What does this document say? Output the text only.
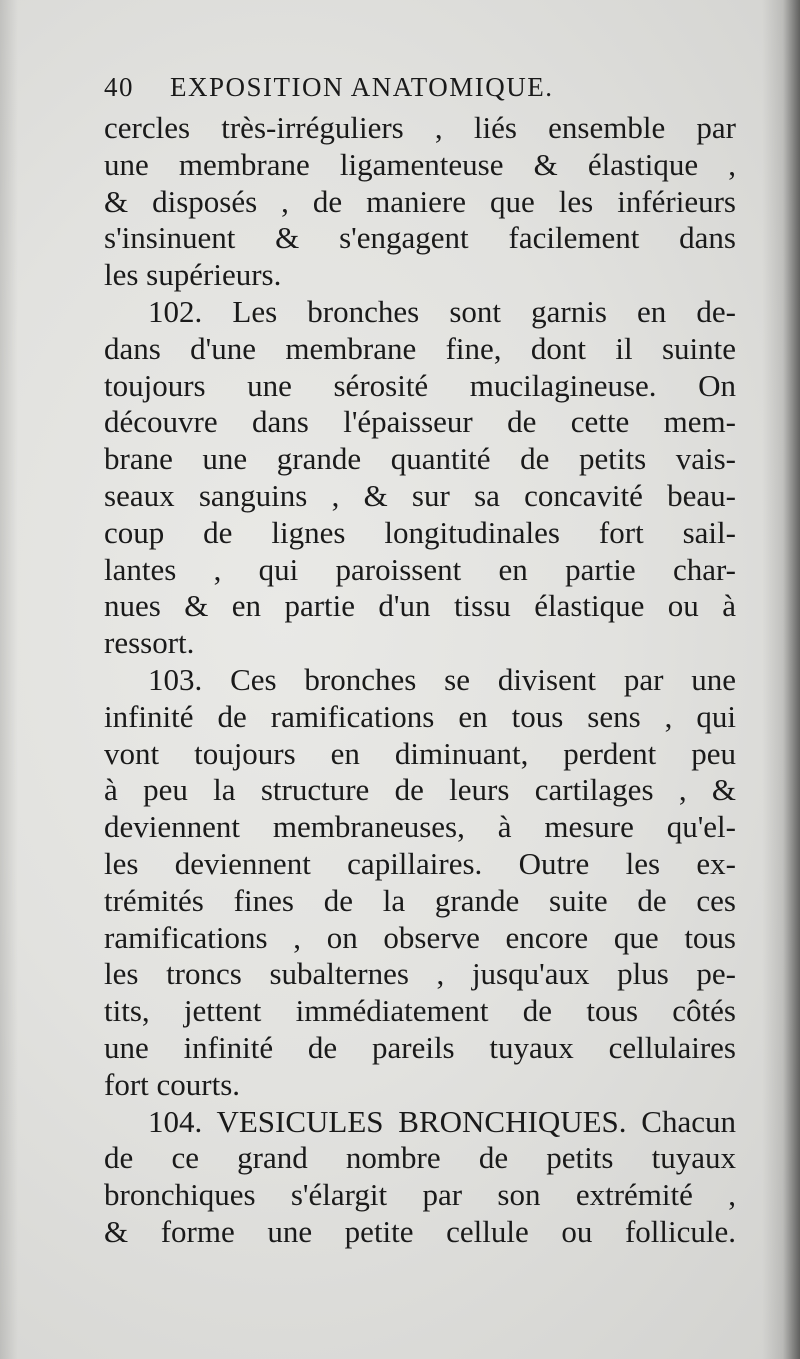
40 EXPOSITION ANATOMIQUE.
cercles très-irréguliers , liés ensemble par
une membrane ligamenteuse & élastique ,
& disposés , de maniere que les inférieurs
s'insinuent & s'engagent facilement dans
les supérieurs.
102. Les bronches sont garnis en de-
dans d'une membrane fine, dont il suinte
toujours une sérosité mucilagineuse. On
découvre dans l'épaisseur de cette mem-
brane une grande quantité de petits vais-
seaux sanguins , & sur sa concavité beau-
coup de lignes longitudinales fort sail-
lantes , qui paroissent en partie char-
nues & en partie d'un tissu élastique ou à
ressort.
103. Ces bronches se divisent par une
infinité de ramifications en tous sens , qui
vont toujours en diminuant, perdent peu
à peu la structure de leurs cartilages , &
deviennent membraneuses, à mesure qu'el-
les deviennent capillaires. Outre les ex-
trémités fines de la grande suite de ces
ramifications , on observe encore que tous
les troncs subalternes , jusqu'aux plus pe-
tits, jettent immédiatement de tous côtés
une infinité de pareils tuyaux cellulaires
fort courts.
104. VESICULES BRONCHIQUES. Chacun
de ce grand nombre de petits tuyaux
bronchiques s'élargit par son extrémité ,
& forme une petite cellule ou follicule.
